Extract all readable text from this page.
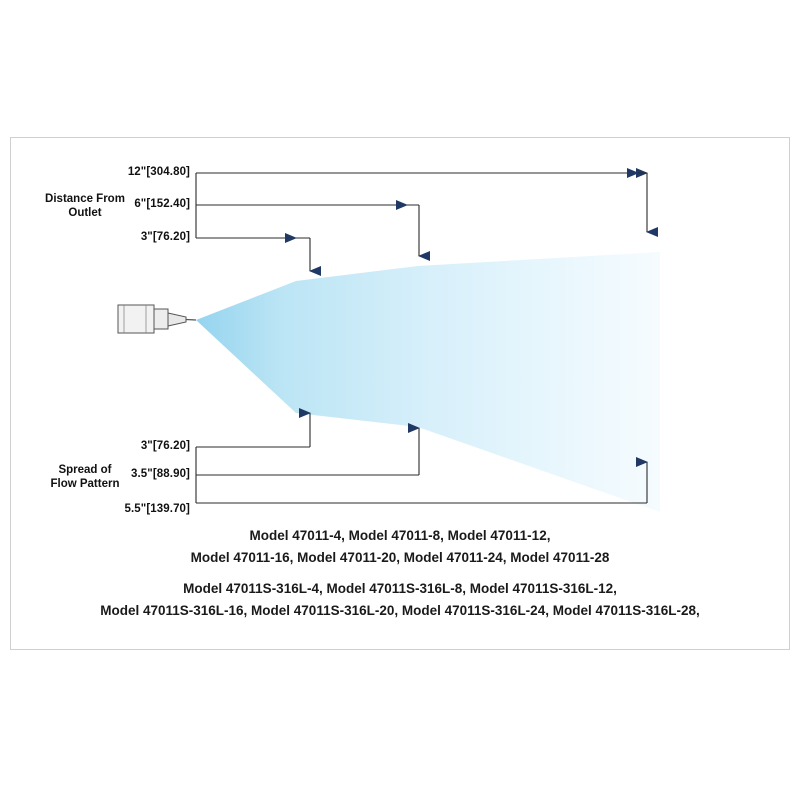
Distance From
Outlet
12"[304.80]
6"[152.40]
3"[76.20]
Spread of
Flow Pattern
3"[76.20]
3.5"[88.90]
5.5"[139.70]
Model 47011-4, Model 47011-8, Model 47011-12,
Model 47011-16, Model 47011-20, Model 47011-24, Model 47011-28
Model 47011S-316L-4, Model 47011S-316L-8, Model 47011S-316L-12,
Model 47011S-316L-16, Model 47011S-316L-20, Model 47011S-316L-24, Model 47011S-316L-28,
